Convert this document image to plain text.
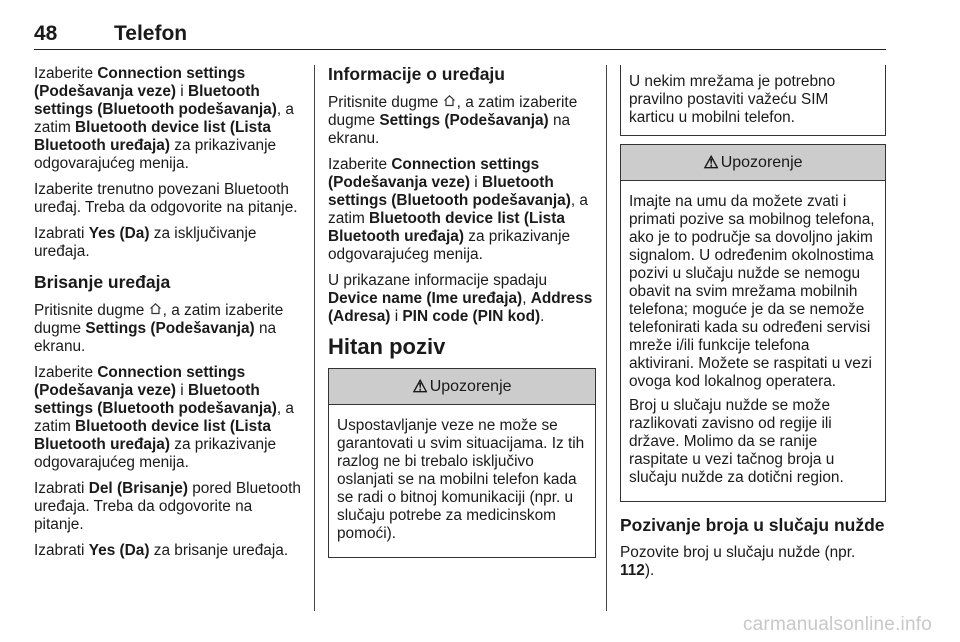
48	Telefon

Izaberite Connection settings (Podešavanja veze) i Bluetooth settings (Bluetooth podešavanja), a zatim Bluetooth device list (Lista Bluetooth uređaja) za prikazivanje odgovarajućeg menija.

Izaberite trenutno povezani Bluetooth uređaj. Treba da odgovorite na pitanje.

Izabrati Yes (Da) za isključivanje uređaja.

Brisanje uređaja

Pritisnite dugme , a zatim izaberite dugme Settings (Podešavanja) na ekranu.

Izaberite Connection settings (Podešavanja veze) i Bluetooth settings (Bluetooth podešavanja), a zatim Bluetooth device list (Lista Bluetooth uređaja) za prikazivanje odgovarajućeg menija.

Izabrati Del (Brisanje) pored Bluetooth uređaja. Treba da odgovorite na pitanje.

Izabrati Yes (Da) za brisanje uređaja.

Informacije o uređaju

Pritisnite dugme , a zatim izaberite dugme Settings (Podešavanja) na ekranu.

Izaberite Connection settings (Podešavanja veze) i Bluetooth settings (Bluetooth podešavanja), a zatim Bluetooth device list (Lista Bluetooth uređaja) za prikazivanje odgovarajućeg menija.

U prikazane informacije spadaju Device name (Ime uređaja), Address (Adresa) i PIN code (PIN kod).

Hitan poziv
⚠ Upozorenje

Uspostavljanje veze ne može se garantovati u svim situacijama. Iz tih razlog ne bi trebalo isključivo oslanjati se na mobilni telefon kada se radi o bitnoj komunikaciji (npr. u slučaju potrebe za medicinskom pomoći).

U nekim mrežama je potrebno pravilno postaviti važeću SIM karticu u mobilni telefon.

⚠ Upozorenje

Imajte na umu da možete zvati i primati pozive sa mobilnog telefona, ako je to područje sa dovoljno jakim signalom. U određenim okolnostima pozivi u slučaju nužde se nemogu obavit na svim mrežama mobilnih telefona; moguće je da se nemože telefonirati kada su određeni servisi mreže i/ili funkcije telefona aktivirani. Možete se raspitati u vezi ovoga kod lokalnog operatera.

Broj u slučaju nužde se može razlikovati zavisno od regije ili države. Molimo da se ranije raspitate u vezi tačnog broja u slučaju nužde za dotični region.

Pozivanje broja u slučaju nužde

Pozovite broj u slučaju nužde (npr. 112).

carmanualsonline.info
